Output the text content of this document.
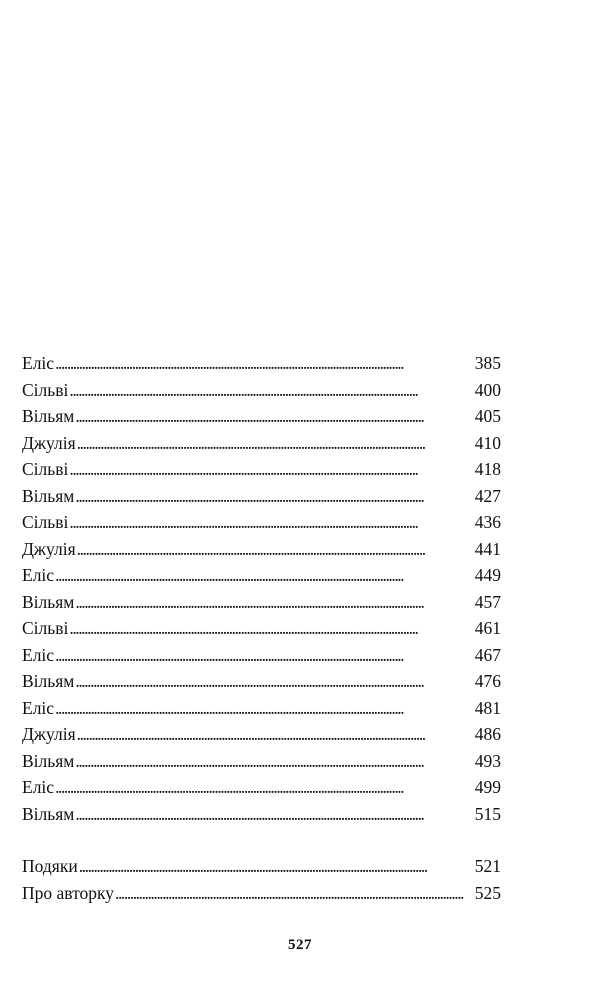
Еліс . . .	385
Сільві . . .	400
Вільям . . .	405
Джулія . . .	410
Сільві . . .	418
Вільям . . .	427
Сільві . . .	436
Джулія . . .	441
Еліс . . .	449
Вільям . . .	457
Сільві . . .	461
Еліс . . .	467
Вільям . . .	476
Еліс . . .	481
Джулія . . .	486
Вільям . . .	493
Еліс . . .	499
Вільям . . .	515
Подяки . . .	521
Про авторку . . .	525
527
